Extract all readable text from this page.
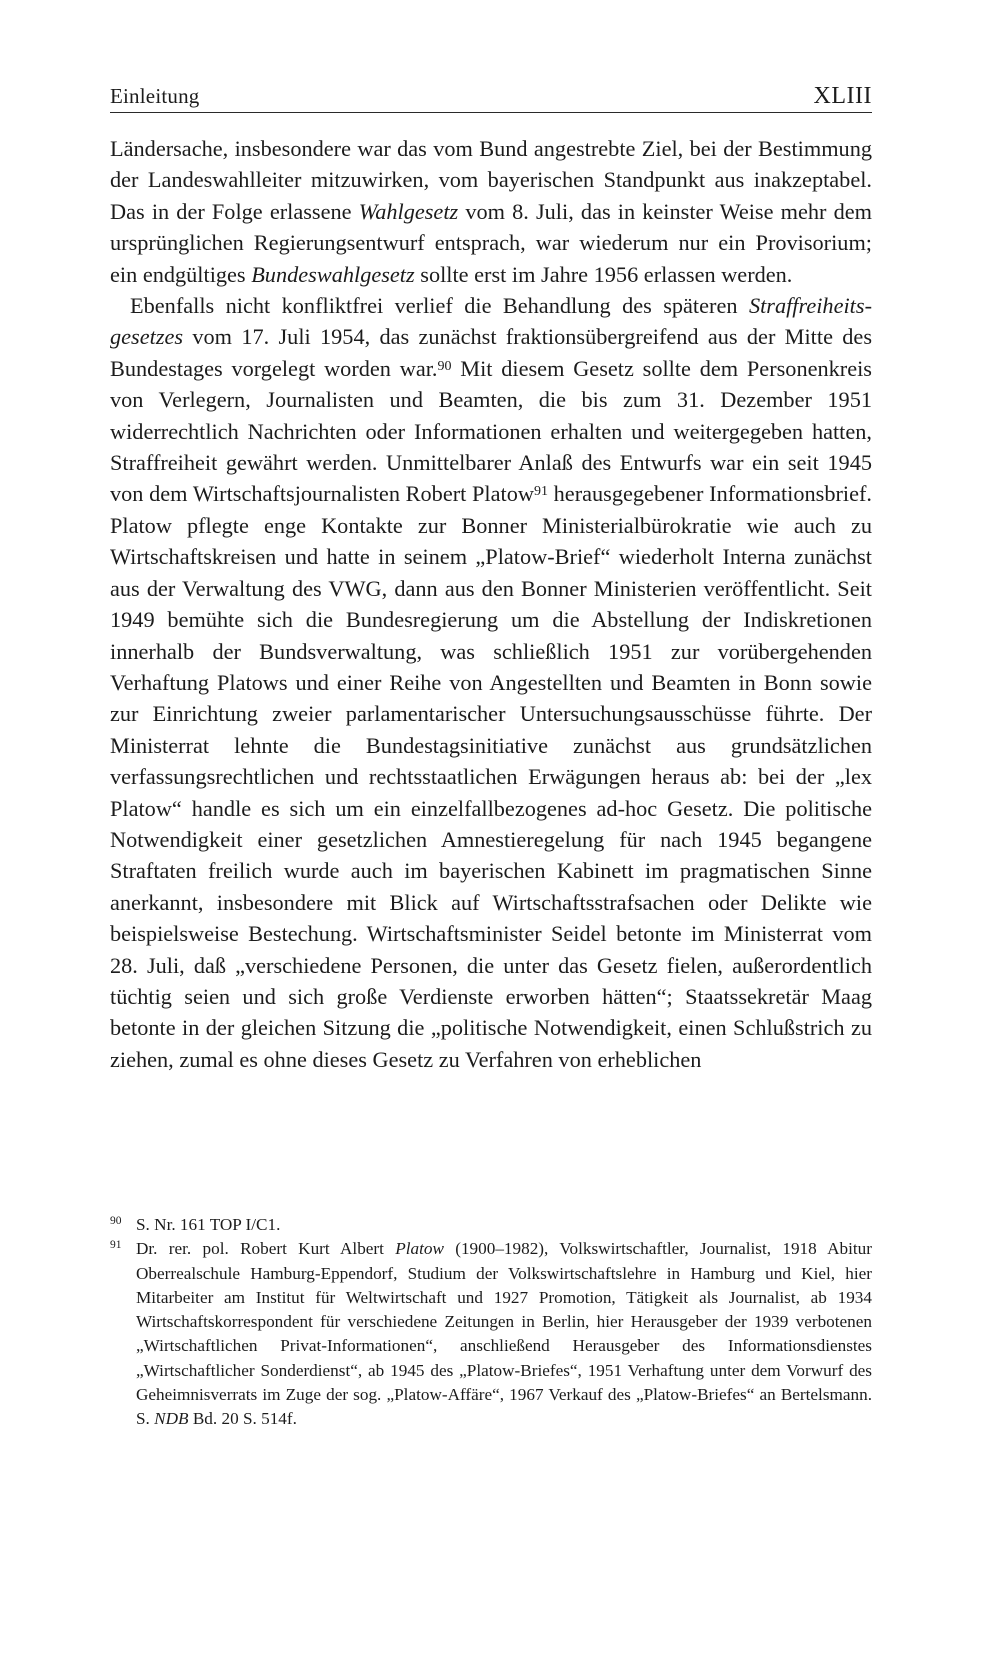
Einleitung	XLIII

Ländersache, insbesondere war das vom Bund angestrebte Ziel, bei der Bestimmung der Landeswahlleiter mitzuwirken, vom bayerischen Standpunkt aus inakzeptabel. Das in der Folge erlassene Wahlgesetz vom 8. Juli, das in keinster Weise mehr dem ursprünglichen Regierungsentwurf entsprach, war wiederum nur ein Provisorium; ein endgültiges Bundeswahlgesetz sollte erst im Jahre 1956 erlassen werden.

Ebenfalls nicht konfliktfrei verlief die Behandlung des späteren Straffreiheitsgesetzes vom 17. Juli 1954, das zunächst fraktionsübergreifend aus der Mitte des Bundestages vorgelegt worden war.$^{90}$ Mit diesem Gesetz sollte dem Personenkreis von Verlegern, Journalisten und Beamten, die bis zum 31. Dezember 1951 widerrechtlich Nachrichten oder Informationen erhalten und weitergegeben hatten, Straffreiheit gewährt werden. Unmittelbarer Anlaß des Entwurfs war ein seit 1945 von dem Wirtschaftsjournalisten Robert Platow$^{91}$ herausgegebener Informationsbrief. Platow pflegte enge Kontakte zur Bonner Ministerialbürokratie wie auch zu Wirtschaftskreisen und hatte in seinem „Platow-Brief“ wiederholt Interna zunächst aus der Verwaltung des VWG, dann aus den Bonner Ministerien veröffentlicht. Seit 1949 bemühte sich die Bundesregierung um die Abstellung der Indiskretionen innerhalb der Bundsverwaltung, was schließlich 1951 zur vorübergehenden Verhaftung Platows und einer Reihe von Angestellten und Beamten in Bonn sowie zur Einrichtung zweier parlamentarischer Untersuchungsausschüsse führte. Der Ministerrat lehnte die Bundestagsinitiative zunächst aus grundsätzlichen verfassungsrechtlichen und rechtsstaatlichen Erwägungen heraus ab: bei der „lex Platow“ handle es sich um ein einzelfallbezogenes ad-hoc Gesetz. Die politische Notwendigkeit einer gesetzlichen Amnestieregelung für nach 1945 begangene Straftaten freilich wurde auch im bayerischen Kabinett im pragmatischen Sinne anerkannt, insbesondere mit Blick auf Wirtschaftsstrafsachen oder Delikte wie beispielsweise Bestechung. Wirtschaftsminister Seidel betonte im Ministerrat vom 28. Juli, daß „verschiedene Personen, die unter das Gesetz fielen, außerordentlich tüchtig seien und sich große Verdienste erworben hätten“; Staatssekretär Maag betonte in der gleichen Sitzung die „politische Notwendigkeit, einen Schlußstrich zu ziehen, zumal es ohne dieses Gesetz zu Verfahren von erheblichen

90 S. Nr. 161 TOP I/C1.

91 Dr. rer. pol. Robert Kurt Albert Platow (1900–1982), Volkswirtschaftler, Journalist, 1918 Abitur Oberrealschule Hamburg-Eppendorf, Studium der Volkswirtschaftslehre in Hamburg und Kiel, hier Mitarbeiter am Institut für Weltwirtschaft und 1927 Promotion, Tätigkeit als Journalist, ab 1934 Wirtschaftskorrespondent für verschiedene Zeitungen in Berlin, hier Herausgeber der 1939 verbotenen „Wirtschaftlichen Privat-Informationen“, anschließend Herausgeber des Informationsdienstes „Wirtschaftlicher Sonderdienst“, ab 1945 des „Platow-Briefes“, 1951 Verhaftung unter dem Vorwurf des Geheimnisverrats im Zuge der sog. „Platow-Affäre“, 1967 Verkauf des „Platow-Briefes“ an Bertelsmann. S. NDB Bd. 20 S. 514f.
